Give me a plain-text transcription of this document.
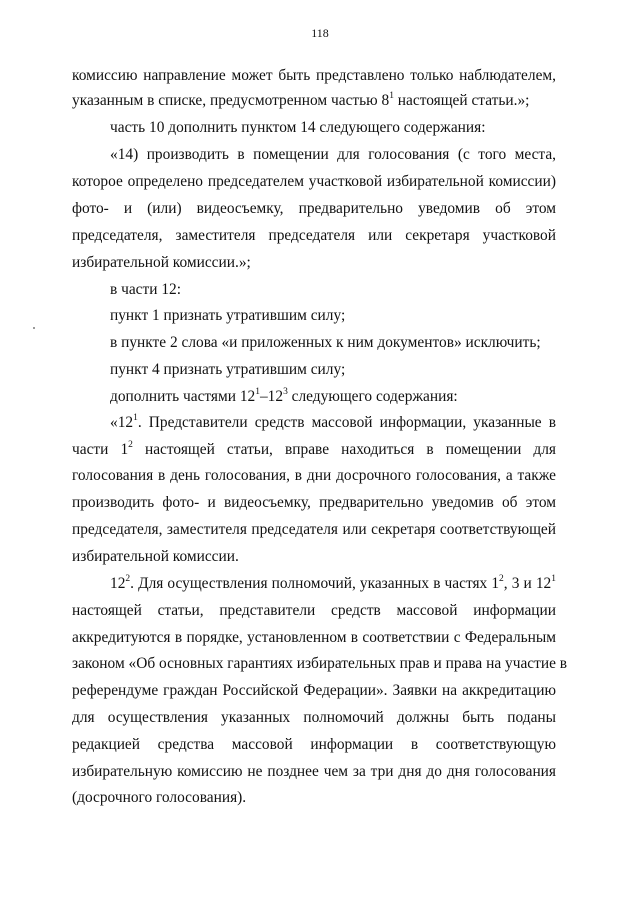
118
комиссию направление может быть представлено только наблюдателем,
указанным в списке, предусмотренном частью $8^1$ настоящей статьи.»;
часть 10 дополнить пунктом 14 следующего содержания:
«14) производить в помещении для голосования (с того места,
которое определено председателем участковой избирательной комиссии)
фото- и (или) видеосъемку, предварительно уведомив об этом
председателя, заместителя председателя или секретаря участковой
избирательной комиссии.»;
в части 12:
пункт 1 признать утратившим силу;
в пункте 2 слова «и приложенных к ним документов» исключить;
пункт 4 признать утратившим силу;
дополнить частями $12^1-12^3$ следующего содержания:
«$12^1$. Представители средств массовой информации, указанные в
части $1^2$ настоящей статьи, вправе находиться в помещении для
голосования в день голосования, в дни досрочного голосования, а также
производить фото- и видеосъемку, предварительно уведомив об этом
председателя, заместителя председателя или секретаря соответствующей
избирательной комиссии.
$12^2$. Для осуществления полномочий, указанных в частях $1^2$, 3 и $12^1$
настоящей статьи, представители средств массовой информации
аккредитуются в порядке, установленном в соответствии с Федеральным
законом «Об основных гарантиях избирательных прав и права на участие в
референдуме граждан Российской Федерации». Заявки на аккредитацию
для осуществления указанных полномочий должны быть поданы
редакцией средства массовой информации в соответствующую
избирательную комиссию не позднее чем за три дня до дня голосования
(досрочного голосования).
